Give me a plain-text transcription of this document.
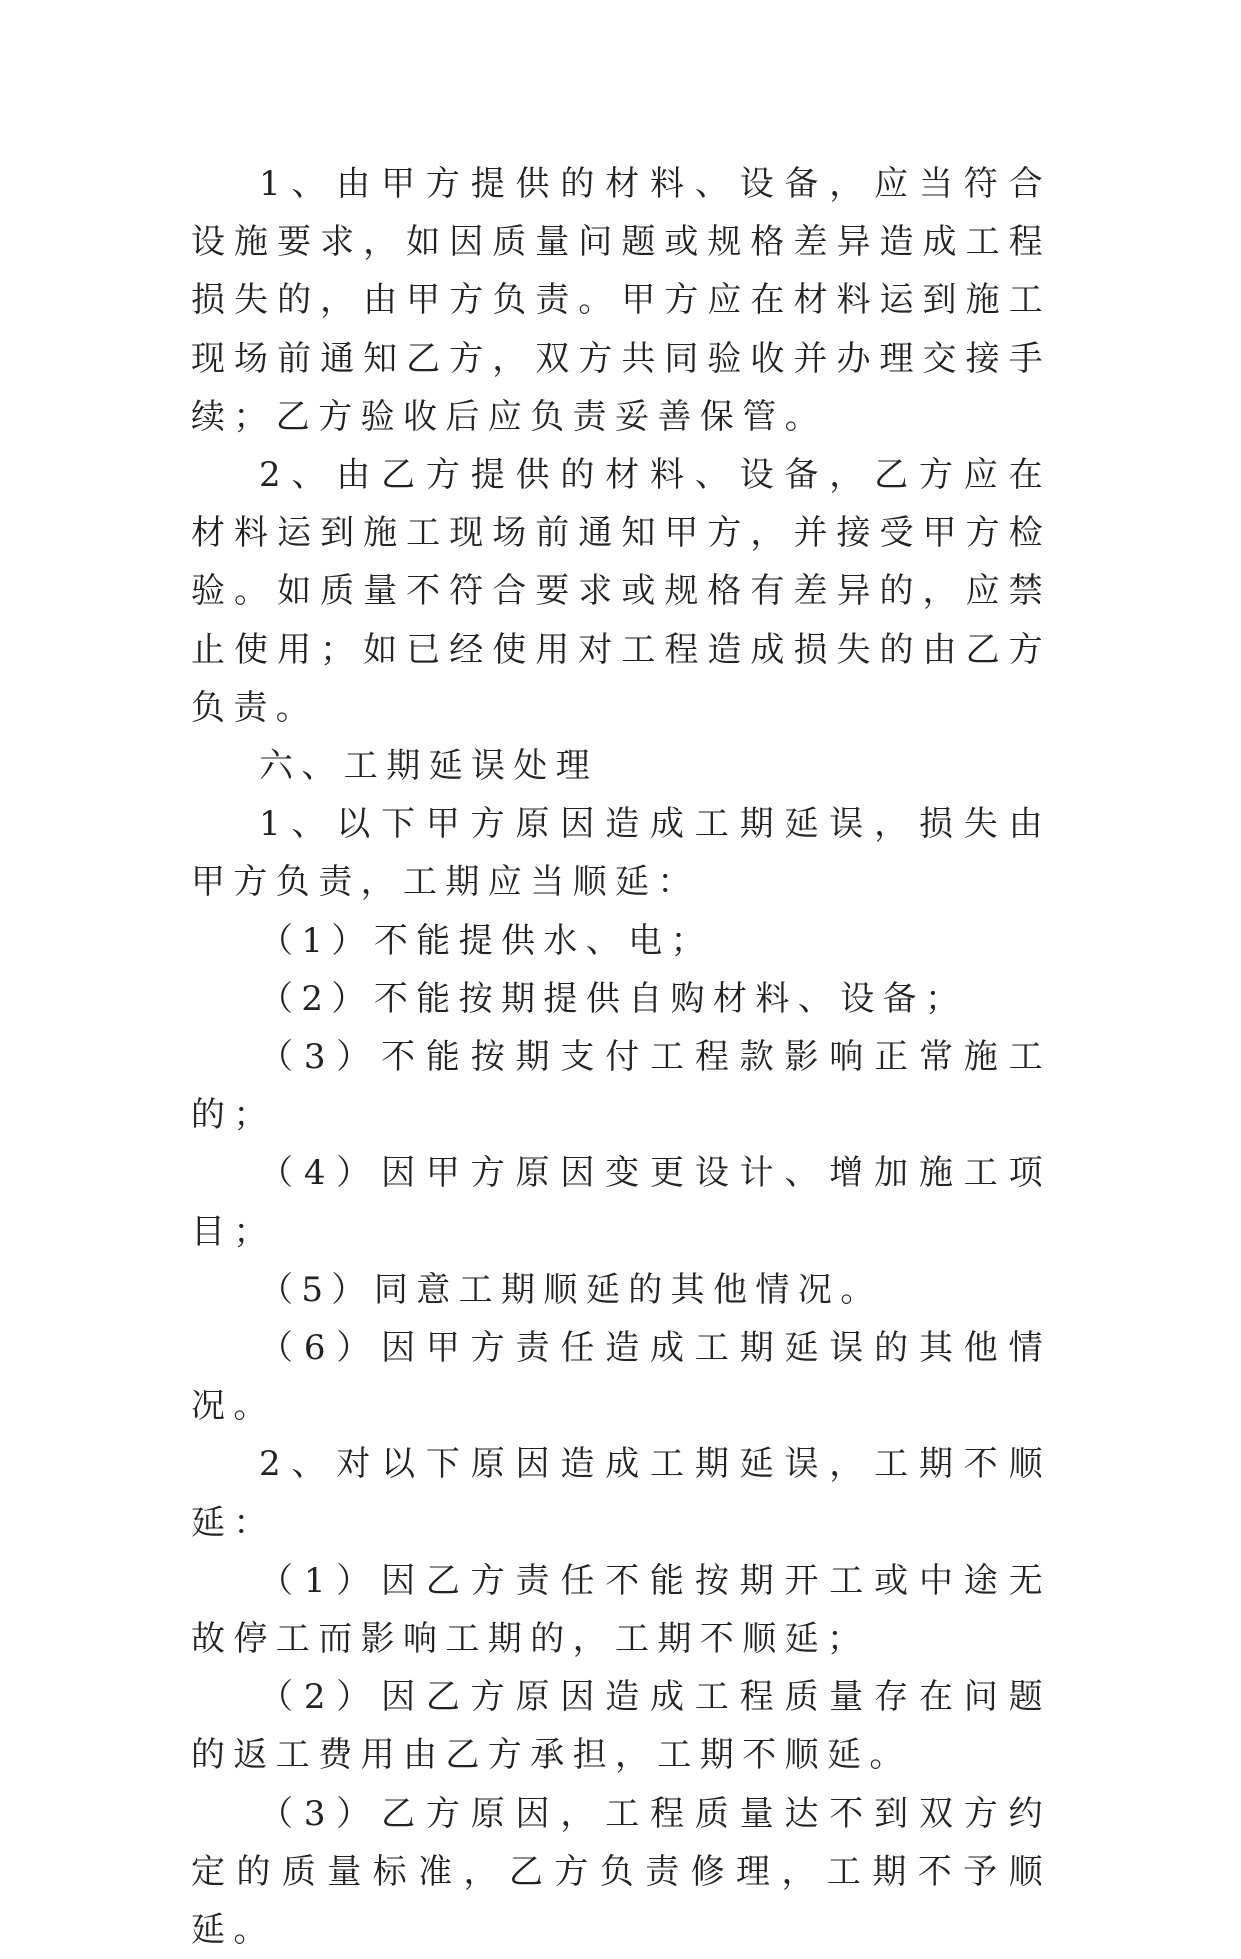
1、由甲方提供的材料、设备，应当符合设施要求，如因质量问题或规格差异造成工程损失的，由甲方负责。甲方应在材料运到施工现场前通知乙方，双方共同验收并办理交接手续；乙方验收后应负责妥善保管。

2、由乙方提供的材料、设备，乙方应在材料运到施工现场前通知甲方，并接受甲方检验。如质量不符合要求或规格有差异的，应禁止使用；如已经使用对工程造成损失的由乙方负责。

六、工期延误处理

1、以下甲方原因造成工期延误，损失由甲方负责，工期应当顺延：

（1）不能提供水、电；

（2）不能按期提供自购材料、设备；

（3）不能按期支付工程款影响正常施工的；

（4）因甲方原因变更设计、增加施工项目；

（5）同意工期顺延的其他情况。

（6）因甲方责任造成工期延误的其他情况。

2、对以下原因造成工期延误，工期不顺延：

（1）因乙方责任不能按期开工或中途无故停工而影响工期的，工期不顺延；

（2）因乙方原因造成工程质量存在问题的返工费用由乙方承担，工期不顺延。

（3）乙方原因，工程质量达不到双方约定的质量标准，乙方负责修理，工期不予顺延。
